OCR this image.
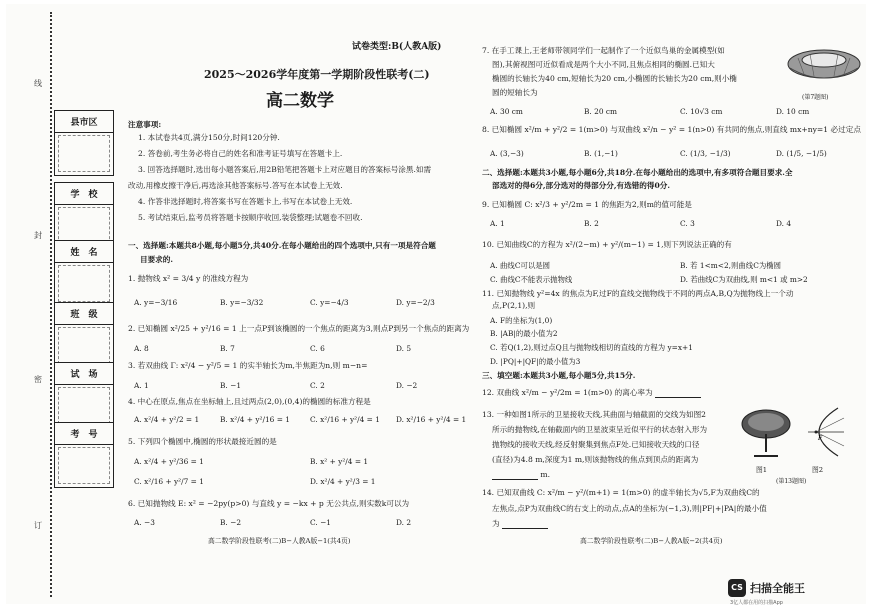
线
封
密
订
县市区
学　校
姓　名
班　级
试　场
考　号
试卷类型:B(人教A版)
2025～2026学年度第一学期阶段性联考(二)
高二数学
注意事项:
1. 本试卷共4页,满分150分,时间120分钟.
2. 答卷前,考生务必将自己的姓名和准考证号填写在答题卡上.
3. 回答选择题时,选出每小题答案后,用2B铅笔把答题卡上对应题目的答案标号涂黑.如需
改动,用橡皮擦干净后,再选涂其他答案标号.答写在本试卷上无效.
4. 作答非选择题时,将答案书写在答题卡上,书写在本试卷上无效.
5. 考试结束后,监考员将答题卡按顺序收回,装袋整理;试题卷不回收.
一、选择题:本题共8小题,每小题5分,共40分.在每小题给出的四个选项中,只有一项是符合题
目要求的.
1. 抛物线 x² = 3/4 y 的准线方程为
A. y=−3/16	B. y=−3/32	C. y=−4/3	D. y=−2/3
2. 已知椭圆 x²/25 + y²/16 = 1 上一点P到该椭圆的一个焦点的距离为3,则点P到另一个焦点的距离为
A. 8	B. 7	C. 6	D. 5
3. 若双曲线 Γ: x²/4 − y²/5 = 1 的实半轴长为m,半焦距为n,则 m−n=
A. 1	B. −1	C. 2	D. −2
4. 中心在原点,焦点在坐标轴上,且过两点(2,0),(0,4)的椭圆的标准方程是
A. x²/4 + y²/2 = 1	B. x²/4 + y²/16 = 1	C. x²/16 + y²/4 = 1 D. x²/16 + y²/4 = 1
5. 下列四个椭圆中,椭圆的形状最接近圆的是
A. x²/4 + y²/36 = 1	B. x² + y²/4 = 1
C. x²/16 + y²/7 = 1	D. x²/4 + y²/3 = 1
6. 已知抛物线 E: x² = −2py(p>0) 与直线 y = −kx + p 无公共点,则实数k可以为
A. −3	B. −2	C. −1	D. 2
高二数学阶段性联考(二)B−人教A版−1(共4页)
7. 在手工课上,王老师带领同学们一起制作了一个近似鸟巢的金属模型(如
图),其俯视图可近似看成是两个大小不同,且焦点相同的椭圆.已知大
椭圆的长轴长为40 cm,短轴长为20 cm,小椭圆的长轴长为20 cm,则小椭
圆的短轴长为
(第7题图)
A. 30 cm	B. 20 cm	C. 10√3 cm	D. 10 cm
8. 已知椭圆 x²/m + y²/2 = 1(m>0) 与双曲线 x²/n − y² = 1(n>0) 有共同的焦点,则直线 mx+ny=1 必过定点
A. (3,−3)	B. (1,−1)	C. (1/3, −1/3)	D. (1/5, −1/5)
二、选择题:本题共3小题,每小题6分,共18分.在每小题给出的选项中,有多项符合题目要求.全
部选对的得6分,部分选对的得部分分,有选错的得0分.
9. 已知椭圆 C: x²/3 + y²/2m = 1 的焦距为2,则m的值可能是
A. 1	B. 2	C. 3	D. 4
10. 已知曲线C的方程为 x²/(2−m) + y²/(m−1) = 1,则下列说法正确的有
A. 曲线C可以是圆	B. 若 1<m<2,则曲线C为椭圆
C. 曲线C不能表示抛物线	D. 若曲线C为双曲线,则 m<1 或 m>2
11. 已知抛物线 y²=4x 的焦点为F,过F的直线交抛物线于不同的两点A,B,Q为抛物线上一个动
点,P(2,1),则
A. F的坐标为(1,0)
B. |AB|的最小值为2
C. 若Q(1,2),则过点Q且与抛物线相切的直线的方程为 y=x+1
D. |PQ|+|QF|的最小值为3
三、填空题:本题共3小题,每小题5分,共15分.
12. 双曲线 x²/m − y²/2m = 1(m>0) 的离心率为
13. 一种如图1所示的卫星接收天线,其曲面与轴截面的交线为如图2
所示的抛物线,在轴截面内的卫星波束呈近似平行的状态射入形为
抛物线的接收天线,经反射聚集到焦点F处.已知接收天线的口径
(直径)为4.8 m,深度为1 m,则该抛物线的焦点到顶点的距离为
m.
F
图1	图2
(第13题图)
14. 已知双曲线 C: x²/m − y²/(m+1) = 1(m>0) 的虚半轴长为√5,F为双曲线C的
左焦点,点P为双曲线C的右支上的动点,点A的坐标为(−1,3),则|PF|+|PA|的最小值
为
高二数学阶段性联考(二)B−人教A版−2(共4页)
CS 扫描全能王
3亿人都在用的扫描App
